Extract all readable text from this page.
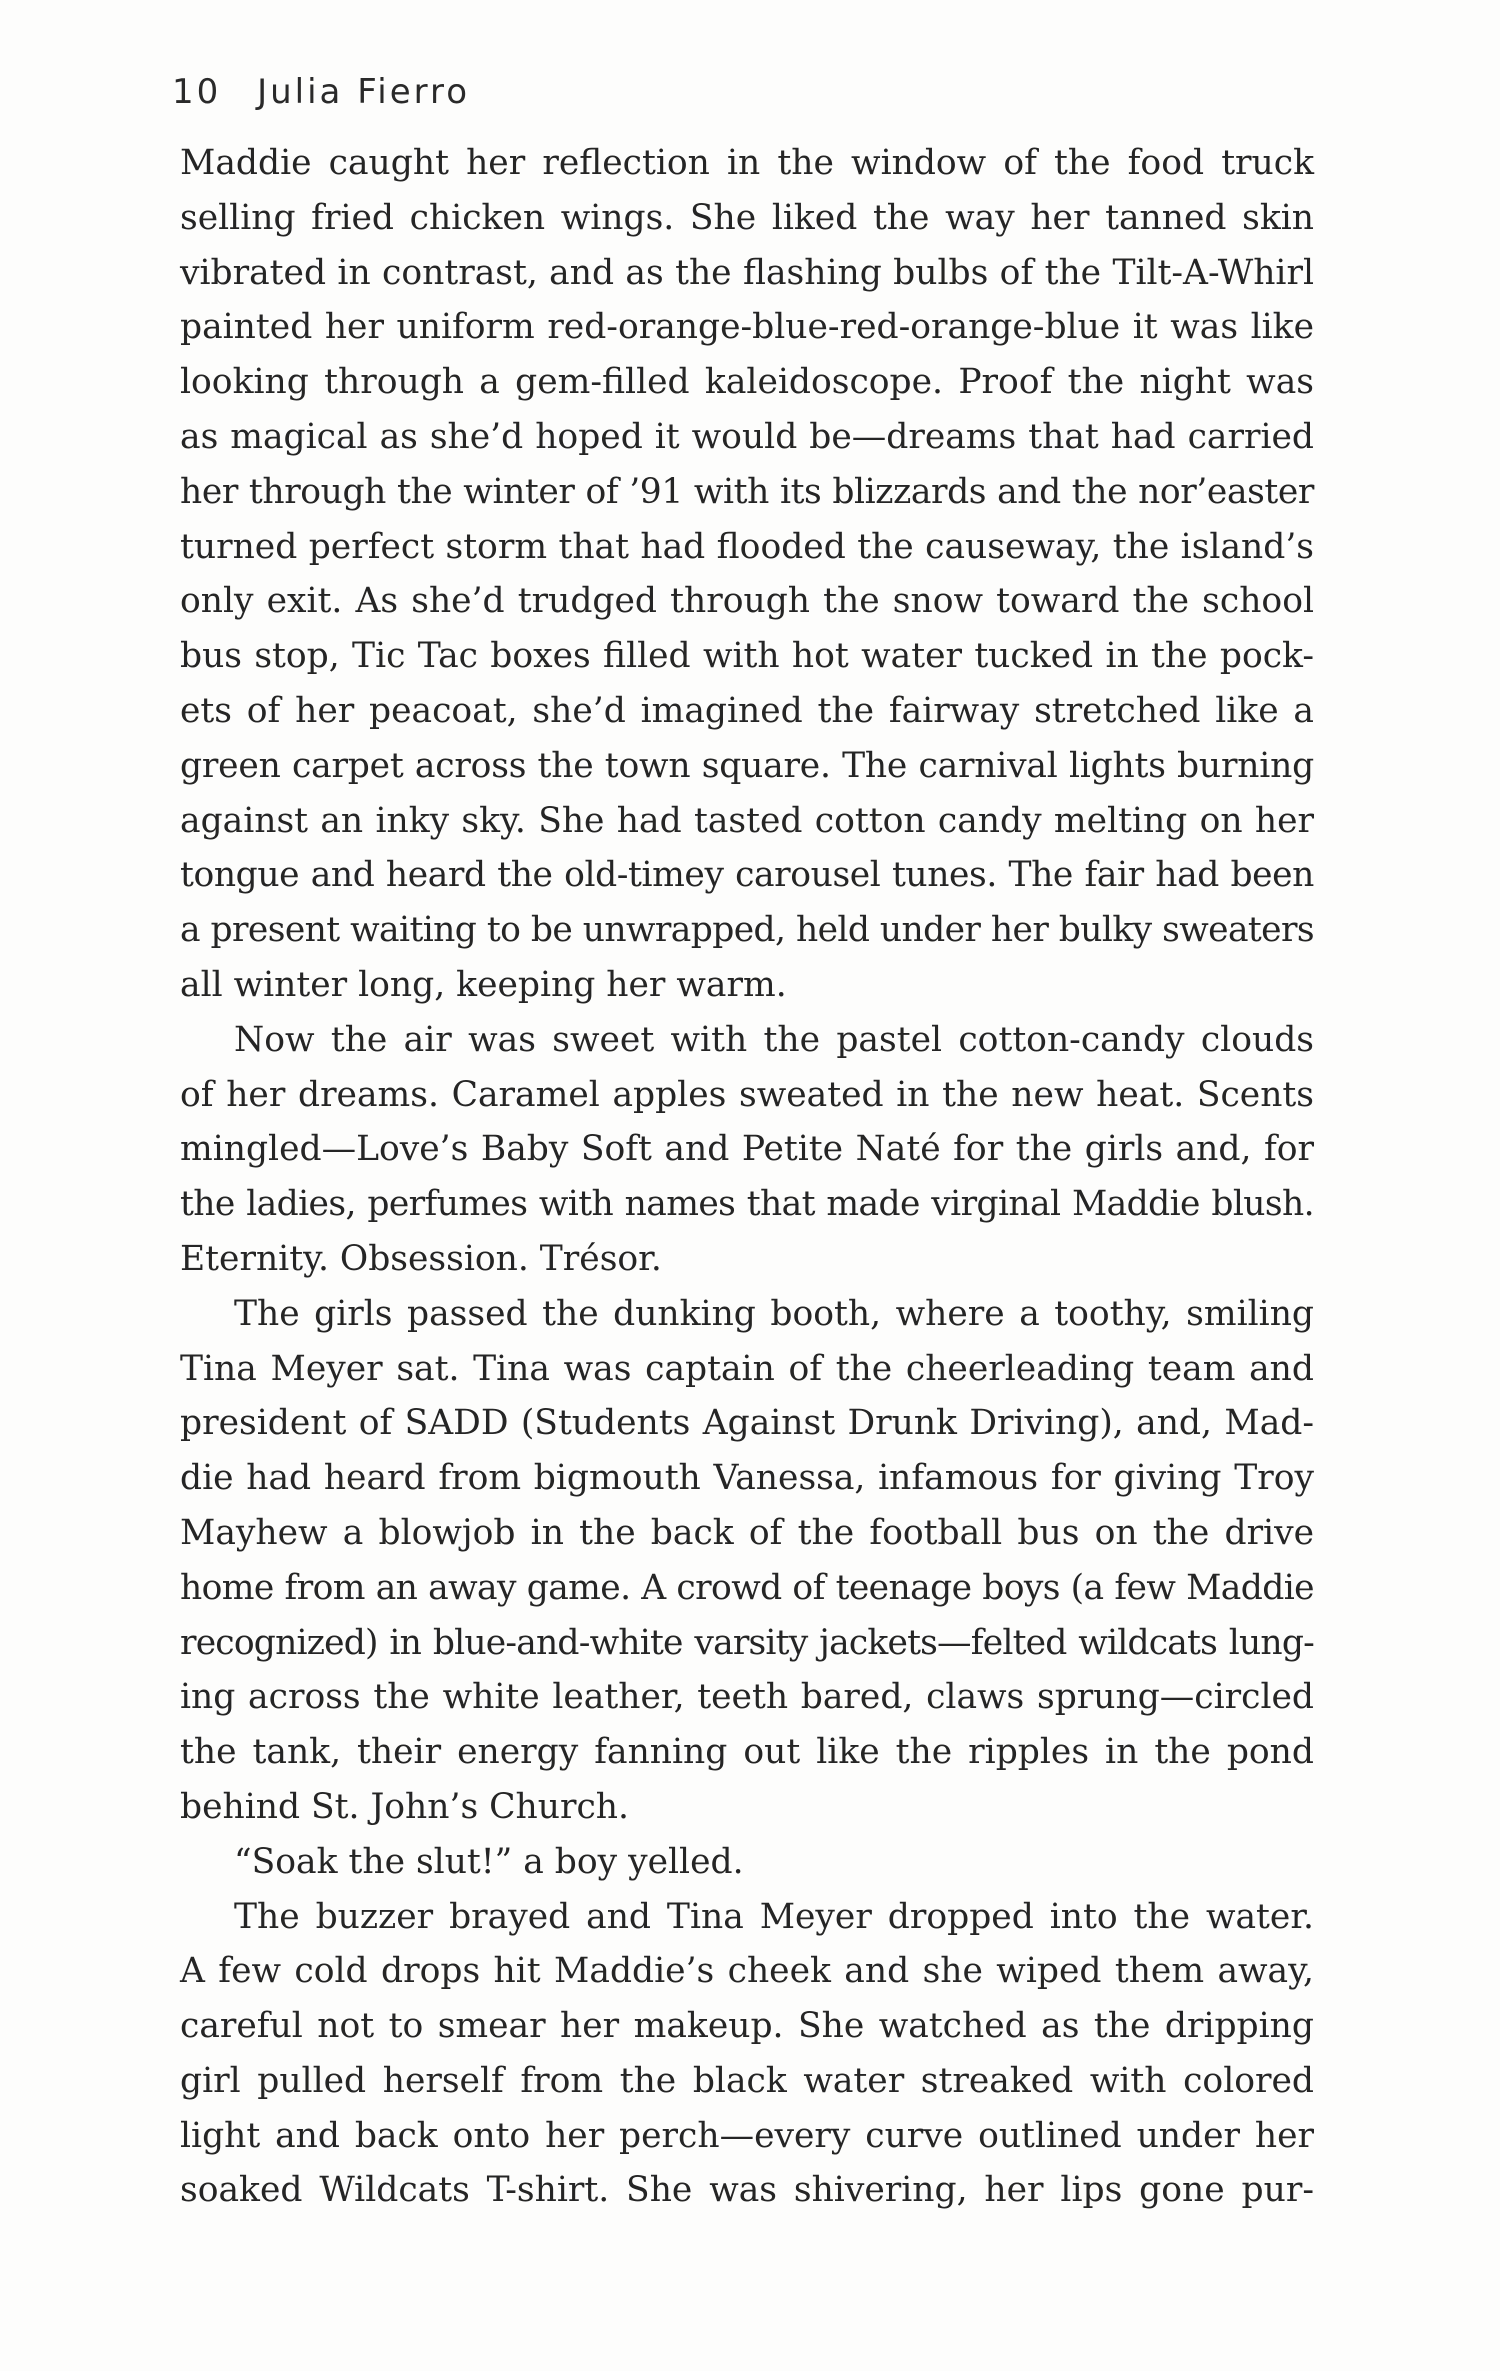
10 Julia Fierro
Maddie caught her reflection in the window of the food truck
selling fried chicken wings. She liked the way her tanned skin
vibrated in contrast, and as the flashing bulbs of the Tilt-A-Whirl
painted her uniform red-orange-blue-red-orange-blue it was like
looking through a gem-filled kaleidoscope. Proof the night was
as magical as she’d hoped it would be—dreams that had carried
her through the winter of ’91 with its blizzards and the nor’easter
turned perfect storm that had flooded the causeway, the island’s
only exit. As she’d trudged through the snow toward the school
bus stop, Tic Tac boxes filled with hot water tucked in the pock-
ets of her peacoat, she’d imagined the fairway stretched like a
green carpet across the town square. The carnival lights burning
against an inky sky. She had tasted cotton candy melting on her
tongue and heard the old-timey carousel tunes. The fair had been
a present waiting to be unwrapped, held under her bulky sweaters
all winter long, keeping her warm.
Now the air was sweet with the pastel cotton-candy clouds
of her dreams. Caramel apples sweated in the new heat. Scents
mingled—Love’s Baby Soft and Petite Naté for the girls and, for
the ladies, perfumes with names that made virginal Maddie blush.
Eternity. Obsession. Trésor.
The girls passed the dunking booth, where a toothy, smiling
Tina Meyer sat. Tina was captain of the cheerleading team and
president of SADD (Students Against Drunk Driving), and, Mad-
die had heard from bigmouth Vanessa, infamous for giving Troy
Mayhew a blowjob in the back of the football bus on the drive
home from an away game. A crowd of teenage boys (a few Maddie
recognized) in blue-and-white varsity jackets—felted wildcats lung-
ing across the white leather, teeth bared, claws sprung—circled
the tank, their energy fanning out like the ripples in the pond
behind St. John’s Church.
“Soak the slut!” a boy yelled.
The buzzer brayed and Tina Meyer dropped into the water.
A few cold drops hit Maddie’s cheek and she wiped them away,
careful not to smear her makeup. She watched as the dripping
girl pulled herself from the black water streaked with colored
light and back onto her perch—every curve outlined under her
soaked Wildcats T-shirt. She was shivering, her lips gone pur-
